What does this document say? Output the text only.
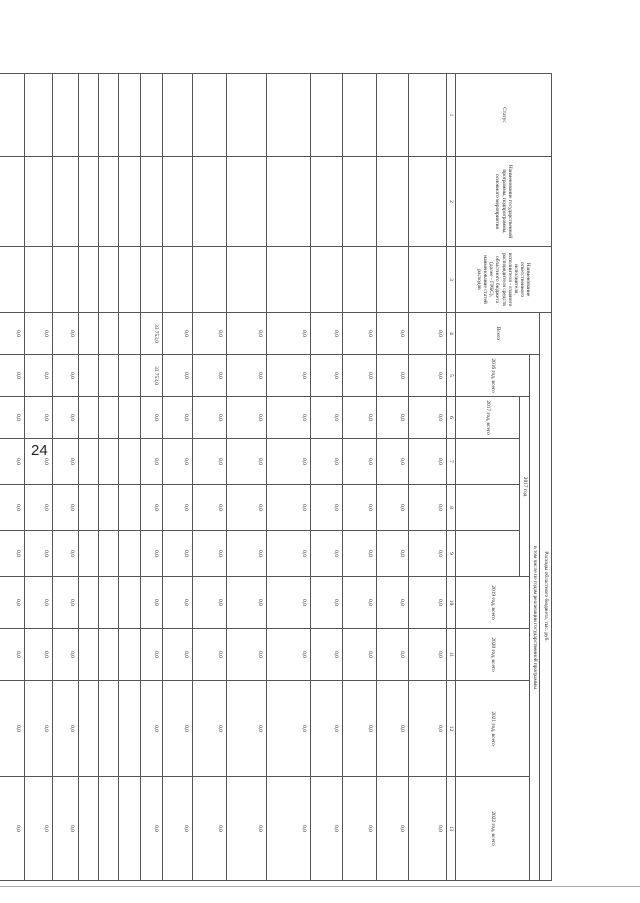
24
Статус	Наименование государственной программы, подпрограммы, основного мероприятия	Наименование ответственного исполнителя, исполнителя - главного распорядителя средств областного бюджета (далее - ГРБС), наименование статей расходов	Расходы областного бюджета, тыс. руб.									
			Всего	в том числе по годам реализации государственной программы								
				2016 год, всего	2017 год				2019 год, всего	2020 год, всего	2021 год, всего	2022 год, всего
					2017 год, всего							
1	2	3	4	5	6	7	8	9	10	11	12	13
			0,0	0,0	0,0	0,0	0,0	0,0	0,0	0,0	0,0	0,0
			0,0	0,0	0,0	0,0	0,0	0,0	0,0	0,0	0,0	0,0
			0,0	0,0	0,0	0,0	0,0	0,0	0,0	0,0	0,0	0,0
			0,0	0,0	0,0	0,0	0,0	0,0	0,0	0,0	0,0	0,0
			0,0	0,0	0,0	0,0	0,0	0,0	0,0	0,0	0,0	0,0
			0,0	0,0	0,0	0,0	0,0	0,0	0,0	0,0	0,0	0,0
			0,0	0,0	0,0	0,0	0,0	0,0	0,0	0,0	0,0	0,0
			0,0	0,0	0,0	0,0	0,0	0,0	0,0	0,0	0,0	0,0
			33 753,0	33 753,0	0,0	0,0	0,0	0,0	0,0	0,0	0,0	0,0

			0,0	0,0	0,0	0,0	0,0	0,0	0,0	0,0	0,0	0,0
			0,0	0,0	0,0	0,0	0,0	0,0	0,0	0,0	0,0	0,0
			0,0	0,0	0,0	0,0	0,0	0,0	0,0	0,0	0,0	0,0
